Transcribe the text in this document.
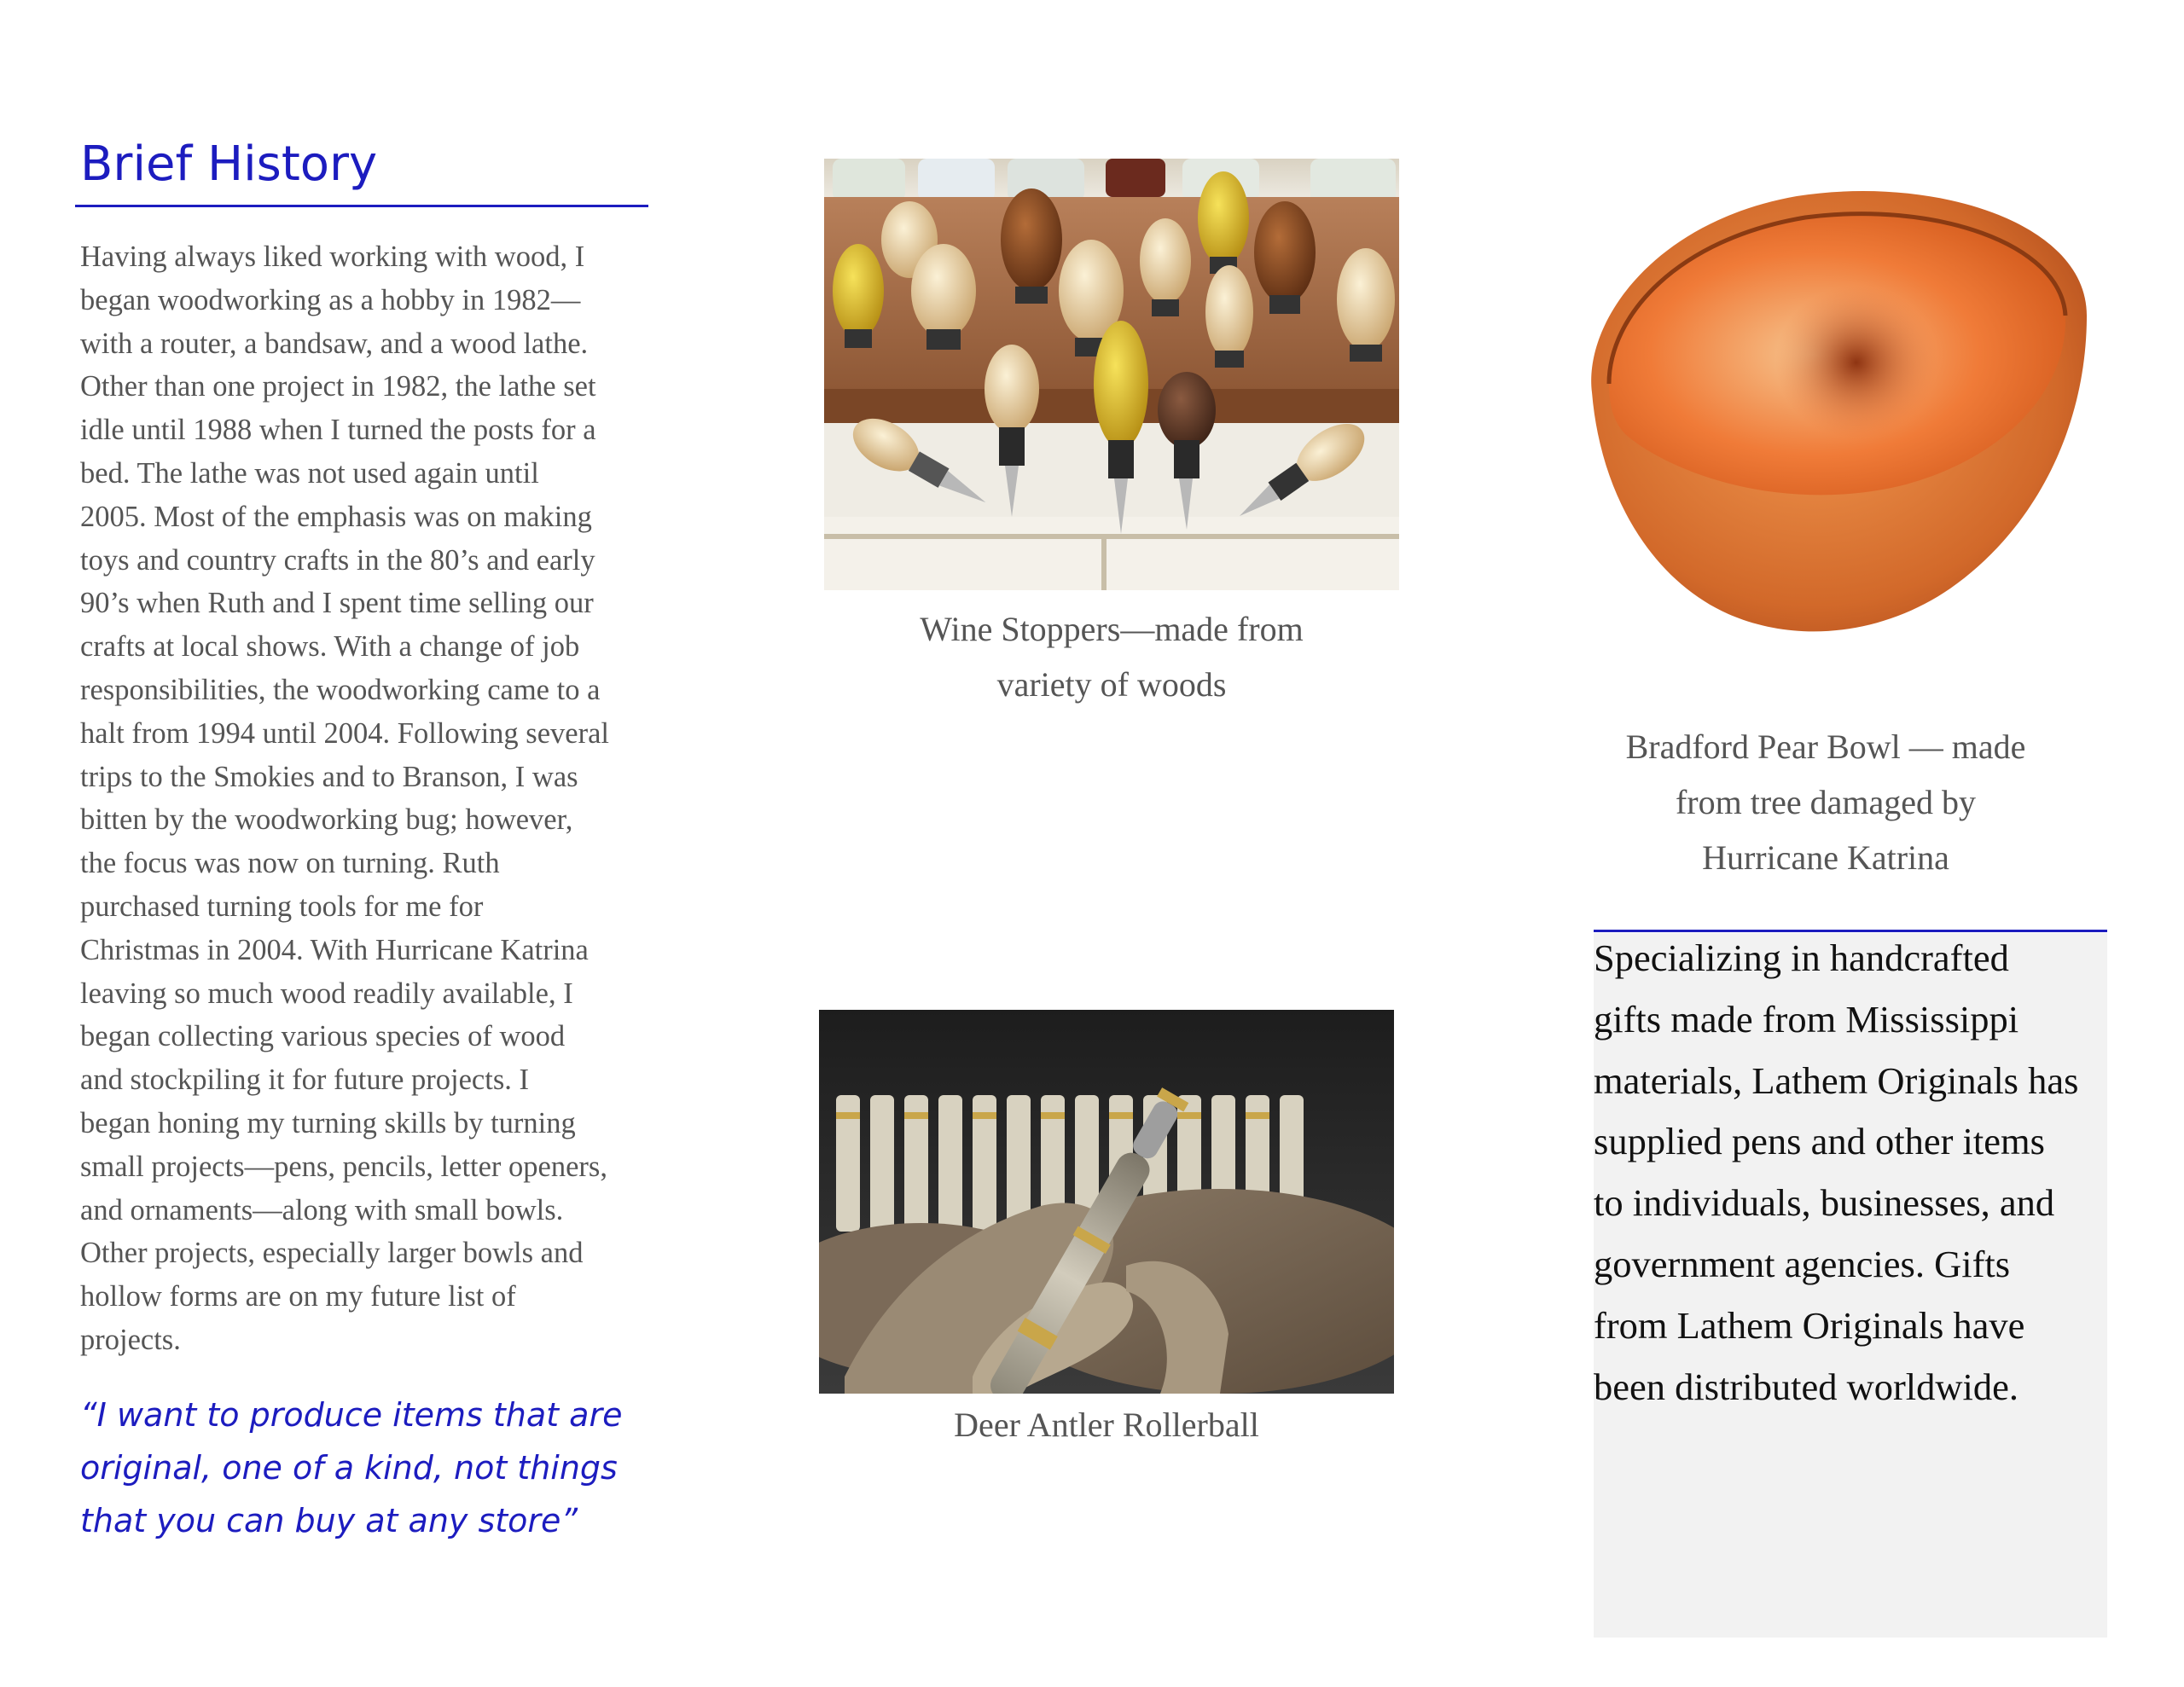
Brief History
Having always liked working with wood, I
began woodworking as a hobby in 1982—
with a router, a bandsaw, and a wood lathe.
Other than one project in 1982, the lathe set
idle until 1988 when I turned the posts for a
bed. The lathe was not used again until
2005. Most of the emphasis was on making
toys and country crafts in the 80’s and early
90’s when Ruth and I spent time selling our
crafts at local shows. With a change of job
responsibilities, the woodworking came to a
halt from 1994 until 2004. Following several
trips to the Smokies and to Branson, I was
bitten by the woodworking bug; however,
the focus was now on turning. Ruth
purchased turning tools for me for
Christmas in 2004. With Hurricane Katrina
leaving so much wood readily available, I
began collecting various species of wood
and stockpiling it for future projects. I
began honing my turning skills by turning
small projects—pens, pencils, letter openers,
and ornaments—along with small bowls.
Other projects, especially larger bowls and
hollow forms are on my future list of
projects.
“I want to produce items that are
original, one of a kind, not things
that you can buy at any store”
Wine Stoppers—made from
variety of woods
Deer Antler Rollerball
Bradford Pear Bowl — made
from tree damaged by
Hurricane Katrina
Specializing in handcrafted
gifts made from Mississippi
materials, Lathem Originals has
supplied pens and other items
to individuals, businesses, and
government agencies. Gifts
from Lathem Originals have
been distributed worldwide.
